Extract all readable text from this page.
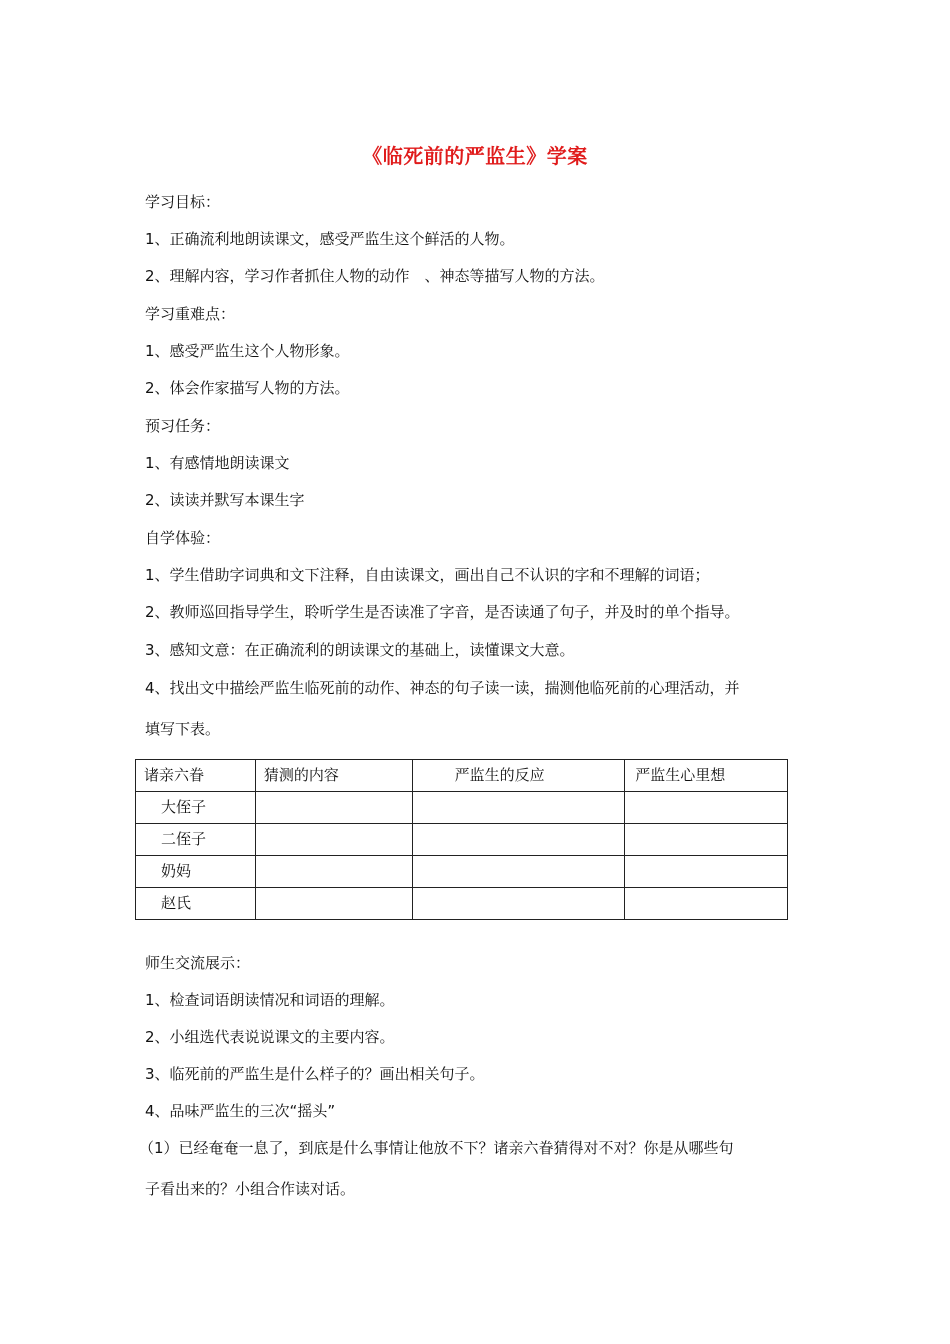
《临死前的严监生》学案
学习目标：
1、正确流利地朗读课文，感受严监生这个鲜活的人物。
2、理解内容，学习作者抓住人物的动作　、神态等描写人物的方法。
学习重难点：
1、感受严监生这个人物形象。
2、体会作家描写人物的方法。
预习任务：
1、有感情地朗读课文
2、读读并默写本课生字
自学体验：
1、学生借助字词典和文下注释，自由读课文，画出自己不认识的字和不理解的词语；
2、教师巡回指导学生，聆听学生是否读准了字音，是否读通了句子，并及时的单个指导。
3、感知文意：在正确流利的朗读课文的基础上，读懂课文大意。
4、找出文中描绘严监生临死前的动作、神态的句子读一读，揣测他临死前的心理活动，并
填写下表。
诸亲六眷	猜测的内容	严监生的反应	严监生心里想
大侄子			
二侄子			
奶妈			
赵氏			
师生交流展示：
1、检查词语朗读情况和词语的理解。
2、小组选代表说说课文的主要内容。
3、临死前的严监生是什么样子的？画出相关句子。
4、品味严监生的三次“摇头”
（1）已经奄奄一息了，到底是什么事情让他放不下？诸亲六眷猜得对不对？你是从哪些句
子看出来的？小组合作读对话。
